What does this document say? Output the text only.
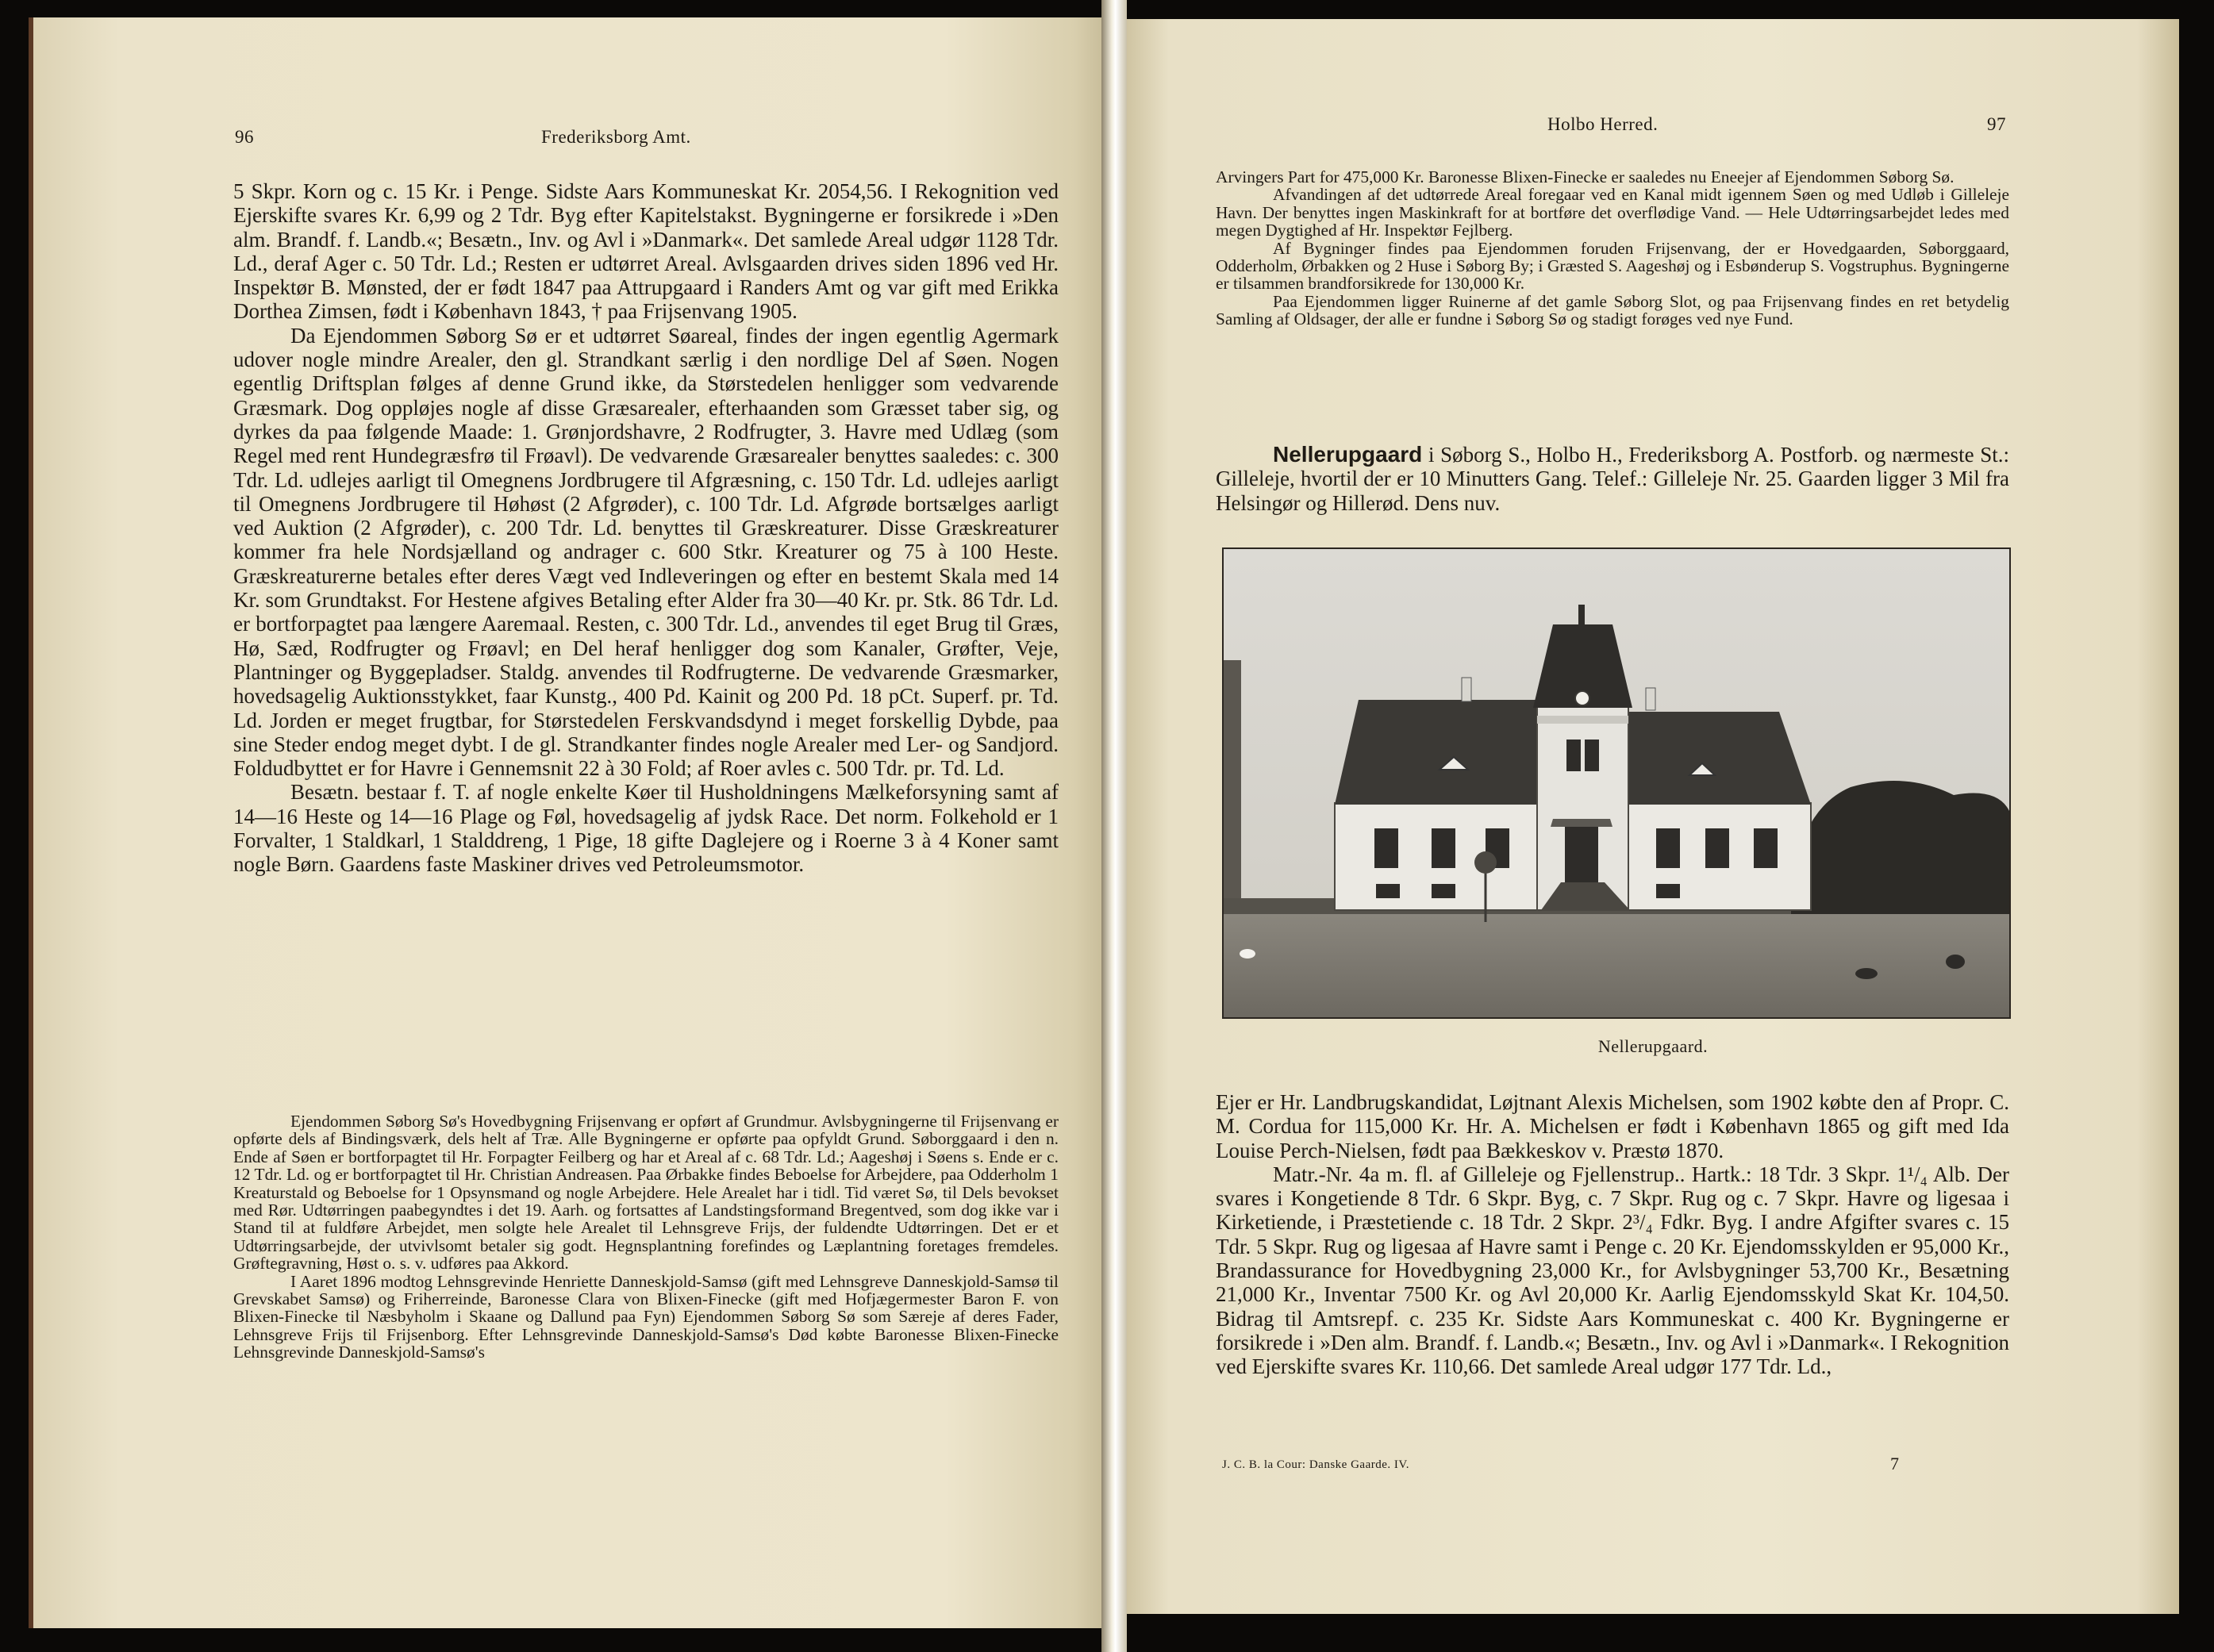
96	Frederiksborg Amt.

5 Skpr. Korn og c. 15 Kr. i Penge. Sidste Aars Kommuneskat Kr. 2054,56. I Rekognition ved Ejerskifte svares Kr. 6,99 og 2 Tdr. Byg efter Kapitelstakst. Bygningerne er forsikrede i »Den alm. Brandf. f. Landb.«; Besætn., Inv. og Avl i »Danmark«. Det samlede Areal udgør 1128 Tdr. Ld., deraf Ager c. 50 Tdr. Ld.; Resten er udtørret Areal. Avlsgaarden drives siden 1896 ved Hr. Inspektør B. Mønsted, der er født 1847 paa Attrupgaard i Randers Amt og var gift med Erikka Dorthea Zimsen, født i København 1843, † paa Frijsenvang 1905.

Da Ejendommen Søborg Sø er et udtørret Søareal, findes der ingen egentlig Agermark udover nogle mindre Arealer, den gl. Strandkant særlig i den nordlige Del af Søen. Nogen egentlig Driftsplan følges af denne Grund ikke, da Størstedelen henligger som vedvarende Græsmark. Dog oppløjes nogle af disse Græsarealer, efterhaanden som Græsset taber sig, og dyrkes da paa følgende Maade: 1. Grønjordshavre, 2 Rodfrugter, 3. Havre med Udlæg (som Regel med rent Hundegræsfrø til Frøavl). De vedvarende Græsarealer benyttes saaledes: c. 300 Tdr. Ld. udlejes aarligt til Omegnens Jordbrugere til Afgræsning, c. 150 Tdr. Ld. udlejes aarligt til Omegnens Jordbrugere til Høhøst (2 Afgrøder), c. 100 Tdr. Ld. Afgrøde bortsælges aarligt ved Auktion (2 Afgrøder), c. 200 Tdr. Ld. benyttes til Græskreaturer. Disse Græskreaturer kommer fra hele Nordsjælland og andrager c. 600 Stkr. Kreaturer og 75 à 100 Heste. Græskreaturerne betales efter deres Vægt ved Indleveringen og efter en bestemt Skala med 14 Kr. som Grundtakst. For Hestene afgives Betaling efter Alder fra 30—40 Kr. pr. Stk. 86 Tdr. Ld. er bortforpagtet paa længere Aaremaal. Resten, c. 300 Tdr. Ld., anvendes til eget Brug til Græs, Hø, Sæd, Rodfrugter og Frøavl; en Del heraf henligger dog som Kanaler, Grøfter, Veje, Plantninger og Byggepladser. Staldg. anvendes til Rodfrugterne. De vedvarende Græsmarker, hovedsagelig Auktionsstykket, faar Kunstg., 400 Pd. Kainit og 200 Pd. 18 pCt. Superf. pr. Td. Ld. Jorden er meget frugtbar, for Størstedelen Ferskvandsdynd i meget forskellig Dybde, paa sine Steder endog meget dybt. I de gl. Strandkanter findes nogle Arealer med Ler- og Sandjord. Foldudbyttet er for Havre i Gennemsnit 22 à 30 Fold; af Roer avles c. 500 Tdr. pr. Td. Ld.

Besætn. bestaar f. T. af nogle enkelte Køer til Husholdningens Mælkeforsyning samt af 14—16 Heste og 14—16 Plage og Føl, hovedsagelig af jydsk Race. Det norm. Folkehold er 1 Forvalter, 1 Staldkarl, 1 Stalddreng, 1 Pige, 18 gifte Daglejere og i Roerne 3 à 4 Koner samt nogle Børn. Gaardens faste Maskiner drives ved Petroleumsmotor.

Ejendommen Søborg Sø's Hovedbygning Frijsenvang er opført af Grundmur. Avlsbygningerne til Frijsenvang er opførte dels af Bindingsværk, dels helt af Træ. Alle Bygningerne er opførte paa opfyldt Grund. Søborggaard i den n. Ende af Søen er bortforpagtet til Hr. Forpagter Feilberg og har et Areal af c. 68 Tdr. Ld.; Aageshøj i Søens s. Ende er c. 12 Tdr. Ld. og er bortforpagtet til Hr. Christian Andreasen. Paa Ørbakke findes Beboelse for Arbejdere, paa Odderholm 1 Kreaturstald og Beboelse for 1 Opsynsmand og nogle Arbejdere. Hele Arealet har i tidl. Tid været Sø, til Dels bevokset med Rør. Udtørringen paabegyndtes i det 19. Aarh. og fortsattes af Landstingsformand Bregentved, som dog ikke var i Stand til at fuldføre Arbejdet, men solgte hele Arealet til Lehnsgreve Frijs, der fuldendte Udtørringen. Det er et Udtørringsarbejde, der utvivlsomt betaler sig godt. Hegnsplantning forefindes og Læplantning foretages fremdeles. Grøftegravning, Høst o. s. v. udføres paa Akkord.

I Aaret 1896 modtog Lehnsgrevinde Henriette Danneskjold-Samsø (gift med Lehnsgreve Danneskjold-Samsø til Grevskabet Samsø) og Friherreinde, Baronesse Clara von Blixen-Finecke (gift med Hofjægermester Baron F. von Blixen-Finecke til Næsbyholm i Skaane og Dallund paa Fyn) Ejendommen Søborg Sø som Særeje af deres Fader, Lehnsgreve Frijs til Frijsenborg. Efter Lehnsgrevinde Danneskjold-Samsø's Død købte Baronesse Blixen-Finecke Lehnsgrevinde Danneskjold-Samsø's

Holbo Herred.	97

Arvingers Part for 475,000 Kr. Baronesse Blixen-Finecke er saaledes nu Eneejer af Ejendommen Søborg Sø.

Afvandingen af det udtørrede Areal foregaar ved en Kanal midt igennem Søen og med Udløb i Gilleleje Havn. Der benyttes ingen Maskinkraft for at bortføre det overflødige Vand. — Hele Udtørringsarbejdet ledes med megen Dygtighed af Hr. Inspektør Fejlberg.

Af Bygninger findes paa Ejendommen foruden Frijsenvang, der er Hovedgaarden, Søborggaard, Odderholm, Ørbakken og 2 Huse i Søborg By; i Græsted S. Aageshøj og i Esbønderup S. Vogstruphus. Bygningerne er tilsammen brandforsikrede for 130,000 Kr.

Paa Ejendommen ligger Ruinerne af det gamle Søborg Slot, og paa Frijsenvang findes en ret betydelig Samling af Oldsager, der alle er fundne i Søborg Sø og stadigt forøges ved nye Fund.

Nellerupgaard i Søborg S., Holbo H., Frederiksborg A. Postforb. og nærmeste St.: Gilleleje, hvortil der er 10 Minutters Gang. Telef.: Gilleleje Nr. 25. Gaarden ligger 3 Mil fra Helsingør og Hillerød. Dens nuv.

Nellerupgaard.

Ejer er Hr. Landbrugskandidat, Løjtnant Alexis Michelsen, som 1902 købte den af Propr. C. M. Cordua for 115,000 Kr. Hr. A. Michelsen er født i København 1865 og gift med Ida Louise Perch-Nielsen, født paa Bækkeskov v. Præstø 1870.

Matr.-Nr. 4a m. fl. af Gilleleje og Fjellenstrup.. Hartk.: 18 Tdr. 3 Skpr. 1¹/₄ Alb. Der svares i Kongetiende 8 Tdr. 6 Skpr. Byg, c. 7 Skpr. Rug og c. 7 Skpr. Havre og ligesaa i Kirketiende, i Præstetiende c. 18 Tdr. 2 Skpr. 2³/₄ Fdkr. Byg. I andre Afgifter svares c. 15 Tdr. 5 Skpr. Rug og ligesaa af Havre samt i Penge c. 20 Kr. Ejendomsskylden er 95,000 Kr., Brandassurance for Hovedbygning 23,000 Kr., for Avlsbygninger 53,700 Kr., Besætning 21,000 Kr., Inventar 7500 Kr. og Avl 20,000 Kr. Aarlig Ejendomsskyld Skat Kr. 104,50. Bidrag til Amtsrepf. c. 235 Kr. Sidste Aars Kommuneskat c. 400 Kr. Bygningerne er forsikrede i »Den alm. Brandf. f. Landb.«; Besætn., Inv. og Avl i »Danmark«. I Rekognition ved Ejerskifte svares Kr. 110,66. Det samlede Areal udgør 177 Tdr. Ld.,

J. C. B. la Cour: Danske Gaarde. IV.	7
